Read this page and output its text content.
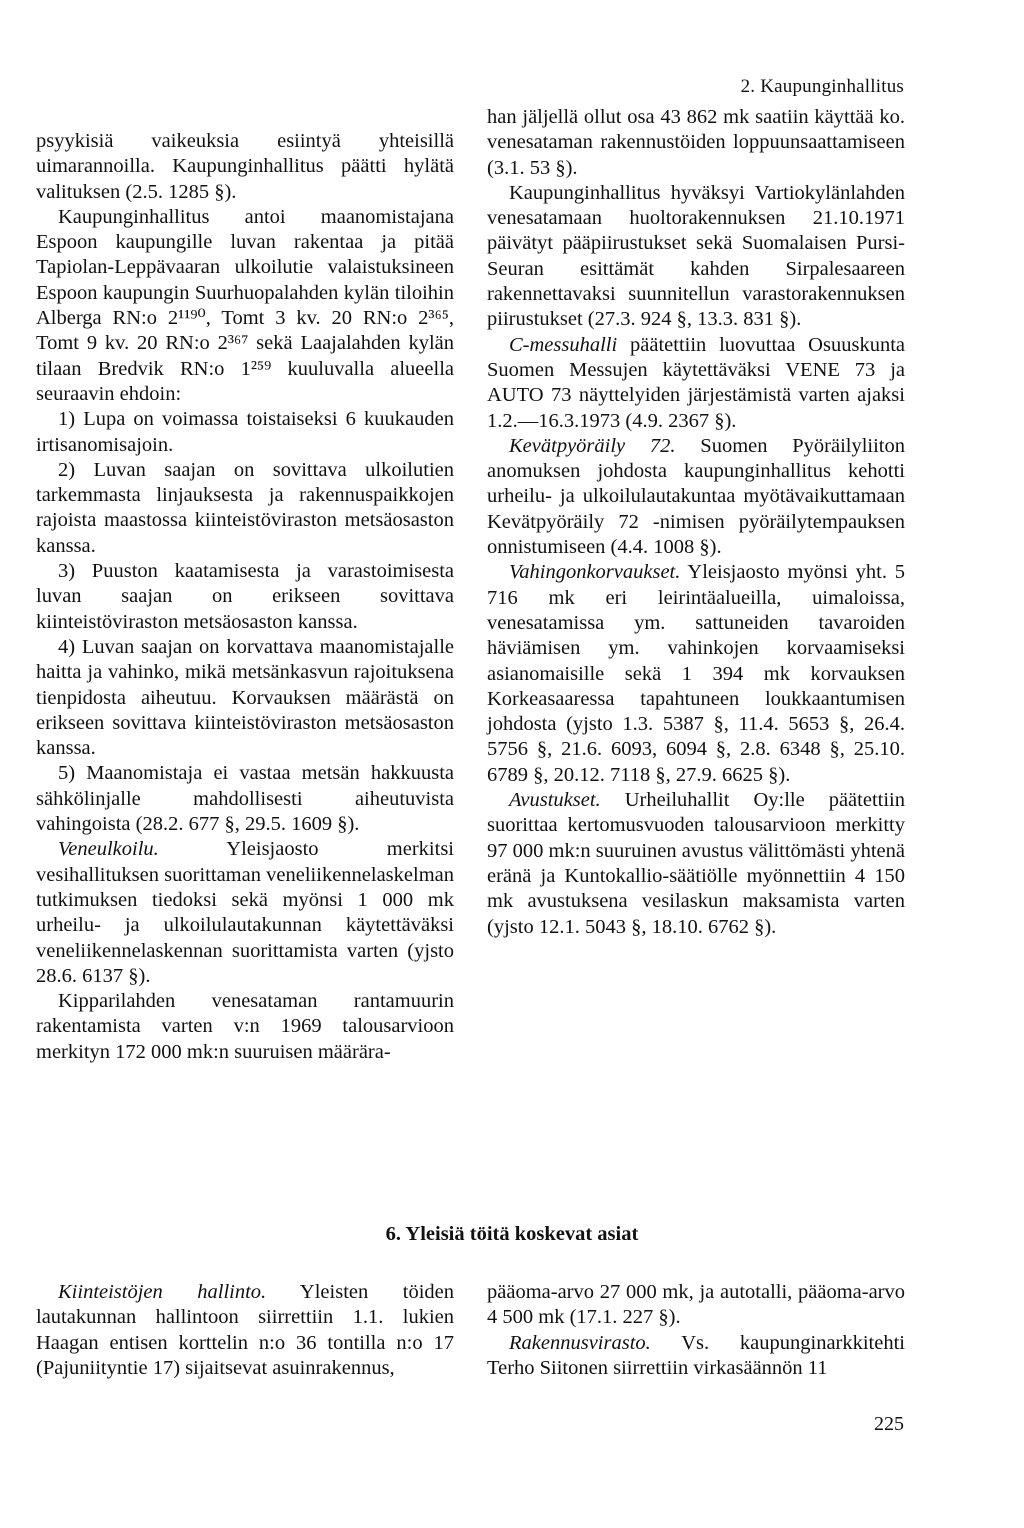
2. Kaupunginhallitus

psyykisiä vaikeuksia esiintyä yhteisillä uimarannoilla. Kaupunginhallitus päätti hylätä valituksen (2.5. 1285 §).

Kaupunginhallitus antoi maanomistajana Espoon kaupungille luvan rakentaa ja pitää Tapiolan-Leppävaaran ulkoilutie valaistuksineen Espoon kaupungin Suurhuopalahden kylän tiloihin Alberga RN:o 2¹¹⁹⁰, Tomt 3 kv. 20 RN:o 2³⁶⁵, Tomt 9 kv. 20 RN:o 2³⁶⁷ sekä Laajalahden kylän tilaan Bredvik RN:o 1²⁵⁹ kuuluvalla alueella seuraavin ehdoin:

1) Lupa on voimassa toistaiseksi 6 kuukauden irtisanomisajoin.

2) Luvan saajan on sovittava ulkoilutien tarkemmasta linjauksesta ja rakennuspaikkojen rajoista maastossa kiinteistöviraston metsäosaston kanssa.

3) Puuston kaatamisesta ja varastoimisesta luvan saajan on erikseen sovittava kiinteistöviraston metsäosaston kanssa.

4) Luvan saajan on korvattava maanomistajalle haitta ja vahinko, mikä metsänkasvun rajoituksena tienpidosta aiheutuu. Korvauksen määrästä on erikseen sovittava kiinteistöviraston metsäosaston kanssa.

5) Maanomistaja ei vastaa metsän hakkuusta sähkölinjalle mahdollisesti aiheutuvista vahingoista (28.2. 677 §, 29.5. 1609 §).

Veneulkoilu. Yleisjaosto merkitsi vesihallituksen suorittaman veneliikennelaskelman tutkimuksen tiedoksi sekä myönsi 1 000 mk urheilu- ja ulkoilulautakunnan käytettäväksi veneliikennelaskennan suorittamista varten (yjsto 28.6. 6137 §).

Kipparilahden venesataman rantamuurin rakentamista varten v:n 1969 talousarvioon merkityn 172 000 mk:n suuruisen määrära-

han jäljellä ollut osa 43 862 mk saatiin käyttää ko. venesataman rakennustöiden loppuunsaattamiseen (3.1. 53 §).

Kaupunginhallitus hyväksyi Vartiokylänlahden venesatamaan huoltorakennuksen 21.10.1971 päivätyt pääpiirustukset sekä Suomalaisen Pursi-Seuran esittämät kahden Sirpalesaareen rakennettavaksi suunnitellun varastorakennuksen piirustukset (27.3. 924 §, 13.3. 831 §).

C-messuhalli päätettiin luovuttaa Osuuskunta Suomen Messujen käytettäväksi VENE 73 ja AUTO 73 näyttelyiden järjestämistä varten ajaksi 1.2.—16.3.1973 (4.9. 2367 §).

Kevätpyöräily 72. Suomen Pyöräilyliiton anomuksen johdosta kaupunginhallitus kehotti urheilu- ja ulkoilulautakuntaa myötävaikuttamaan Kevätpyöräily 72 -nimisen pyöräilytempauksen onnistumiseen (4.4. 1008 §).

Vahingonkorvaukset. Yleisjaosto myönsi yht. 5 716 mk eri leirintäalueilla, uimaloissa, venesatamissa ym. sattuneiden tavaroiden häviämisen ym. vahinkojen korvaamiseksi asianomaisille sekä 1 394 mk korvauksen Korkeasaaressa tapahtuneen loukkaantumisen johdosta (yjsto 1.3. 5387 §, 11.4. 5653 §, 26.4. 5756 §, 21.6. 6093, 6094 §, 2.8. 6348 §, 25.10. 6789 §, 20.12. 7118 §, 27.9. 6625 §).

Avustukset. Urheiluhallit Oy:lle päätettiin suorittaa kertomusvuoden talousarvioon merkitty 97 000 mk:n suuruinen avustus välittömästi yhtenä eränä ja Kuntokallio-säätiölle myönnettiin 4 150 mk avustuksena vesilaskun maksamista varten (yjsto 12.1. 5043 §, 18.10. 6762 §).

6. Yleisiä töitä koskevat asiat

Kiinteistöjen hallinto. Yleisten töiden lautakunnan hallintoon siirrettiin 1.1. lukien Haagan entisen korttelin n:o 36 tontilla n:o 17 (Pajuniityntie 17) sijaitsevat asuinrakennus,

pääoma-arvo 27 000 mk, ja autotalli, pääoma-arvo 4 500 mk (17.1. 227 §).

Rakennusvirasto. Vs. kaupunginarkkitehti Terho Siitonen siirrettiin virkasäännön 11

225
